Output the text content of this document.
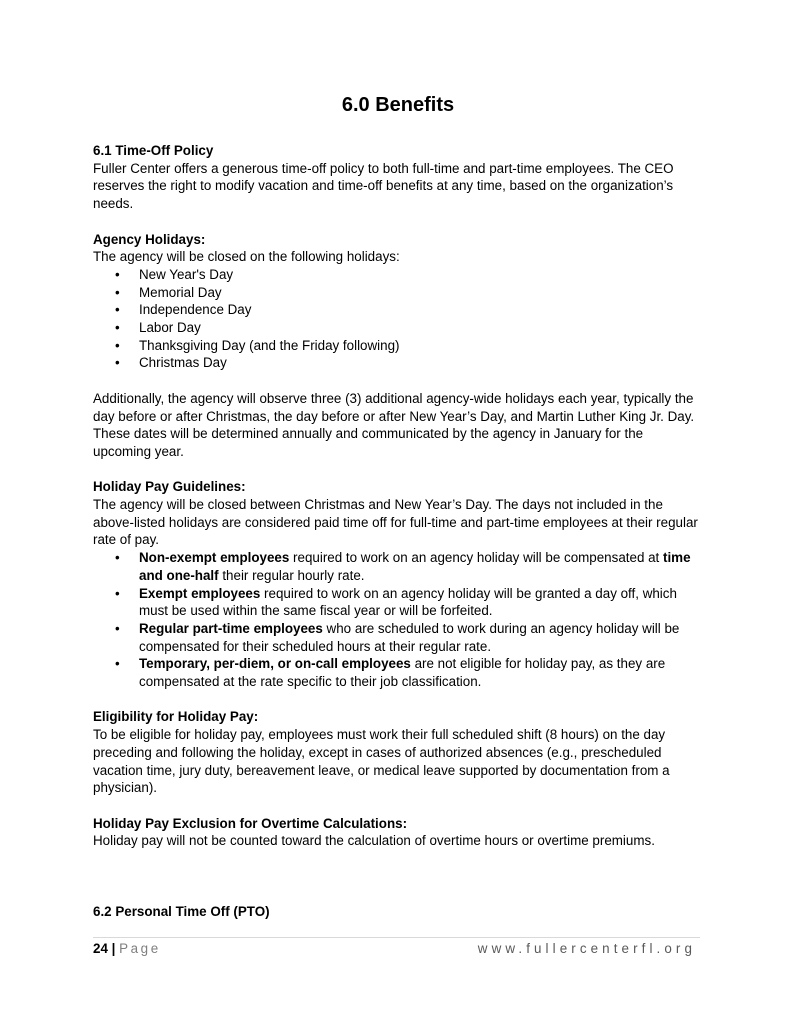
6.0 Benefits

6.1 Time-Off Policy

Fuller Center offers a generous time-off policy to both full-time and part-time employees. The CEO reserves the right to modify vacation and time-off benefits at any time, based on the organization’s needs.

Agency Holidays:

The agency will be closed on the following holidays:

• New Year's Day
• Memorial Day
• Independence Day
• Labor Day
• Thanksgiving Day (and the Friday following)
• Christmas Day

Additionally, the agency will observe three (3) additional agency-wide holidays each year, typically the day before or after Christmas, the day before or after New Year’s Day, and Martin Luther King Jr. Day. These dates will be determined annually and communicated by the agency in January for the upcoming year.

Holiday Pay Guidelines:

The agency will be closed between Christmas and New Year’s Day. The days not included in the above-listed holidays are considered paid time off for full-time and part-time employees at their regular rate of pay.

• Non-exempt employees required to work on an agency holiday will be compensated at time and one-half their regular hourly rate.
• Exempt employees required to work on an agency holiday will be granted a day off, which must be used within the same fiscal year or will be forfeited.
• Regular part-time employees who are scheduled to work during an agency holiday will be compensated for their scheduled hours at their regular rate.
• Temporary, per-diem, or on-call employees are not eligible for holiday pay, as they are compensated at the rate specific to their job classification.

Eligibility for Holiday Pay:

To be eligible for holiday pay, employees must work their full scheduled shift (8 hours) on the day preceding and following the holiday, except in cases of authorized absences (e.g., prescheduled vacation time, jury duty, bereavement leave, or medical leave supported by documentation from a physician).

Holiday Pay Exclusion for Overtime Calculations:

Holiday pay will not be counted toward the calculation of overtime hours or overtime premiums.

6.2 Personal Time Off (PTO)

24 | Page	www.fullercenterfl.org
